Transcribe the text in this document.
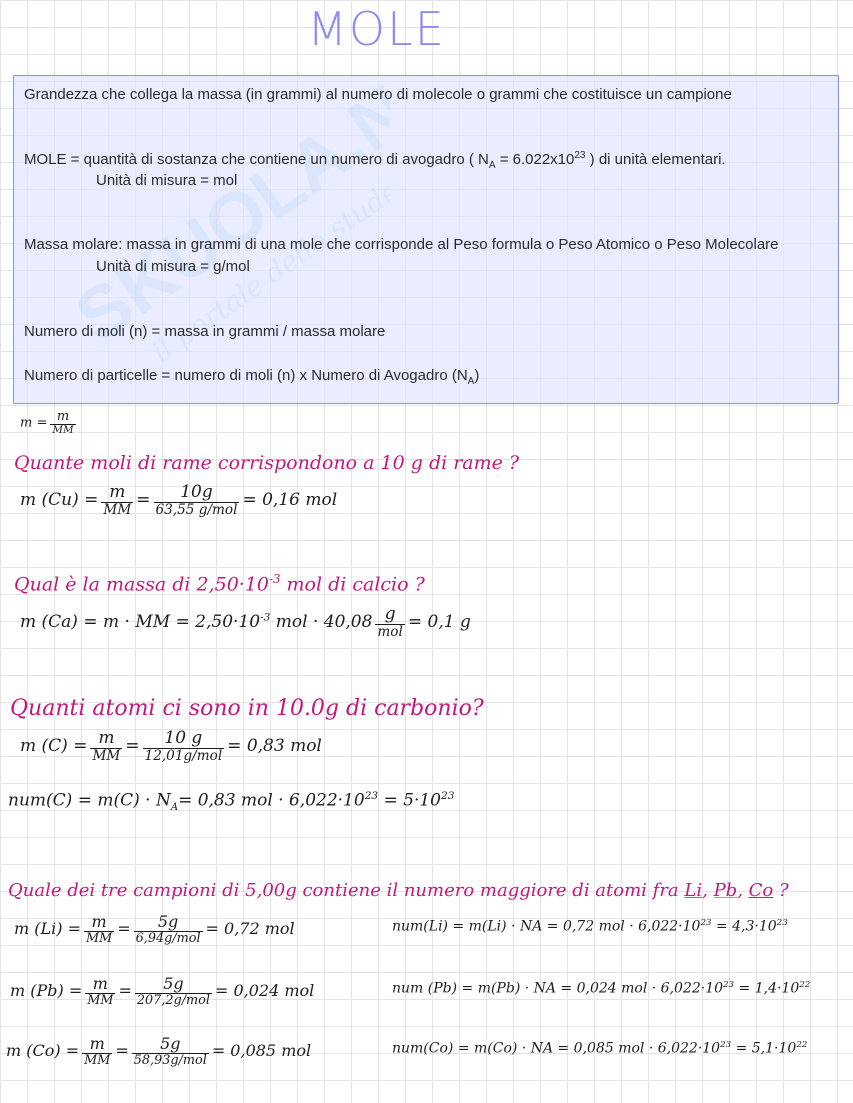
MOLE
Grandezza che collega la massa (in grammi) al numero di molecole o grammi che costituisce un campione
MOLE = quantità di sostanza che contiene un numero di avogadro ( $N_A = 6.022x10^{23}$ ) di unità elementari.
Unità di misura = mol
Massa molare: massa in grammi di una mole che corrisponde al Peso formula o Peso Atomico o Peso Molecolare
Unità di misura = g/mol
Numero di moli (n) = massa in grammi / massa molare
Numero di particelle = numero di moli (n) x Numero di Avogadro $(N_A)$
$m = \frac{m}{MM}$
Quante moli di rame corrispondono a 10 g di rame ?
m $(Cu) = \frac{m}{MM} = \frac{10g}{\text{63,55 g/mol}} = 0,16$ mol
Qual è la massa di $2,50\cdot 10^{-3}$ mol di calcio ?
m (Ca) = m · MM = $2,50\cdot 10^{-3}$ mol · $40,08 \frac{g}{\text{mol}} = 0,1$ g
Quanti atomi ci sono in 10.0g di carbonio?
m $(C) = \frac{m}{MM} = \frac{10 g}{\text{12,01g/mol}} = 0,83$ mol
$num(C) = m(C) \cdot N_A= 0,83$ mol · $6,022\cdot 10^{23} = 5\cdot 10^{23}$
Quale dei tre campioni di 5,00g contiene il numero maggiore di atomi fra Li, Pb, Co ?
m $(Li) = \frac{m}{MM} = \frac{5g}{\text{6,94g/mol}} = 0,72$ mol	num(Li) = m(Li) · NA = 0,72 mol · $6,022\cdot 10^{23} = 4,3\cdot 10^{23}$
m $(Pb) = \frac{m}{MM} = \frac{5g}{\text{207,2g/mol}} = 0,024$ mol	num (Pb) = m(Pb) · NA = 0,024 mol · $6,022\cdot 10^{23} = 1,4\cdot 10^{22}$
m $(Co) = \frac{m}{MM} = \frac{5g}{\text{58,93g/mol}} = 0,085$ mol	num(Co) = m(Co) · NA = 0,085 mol · $6,022\cdot 10^{23} = 5,1\cdot 10^{22}$
